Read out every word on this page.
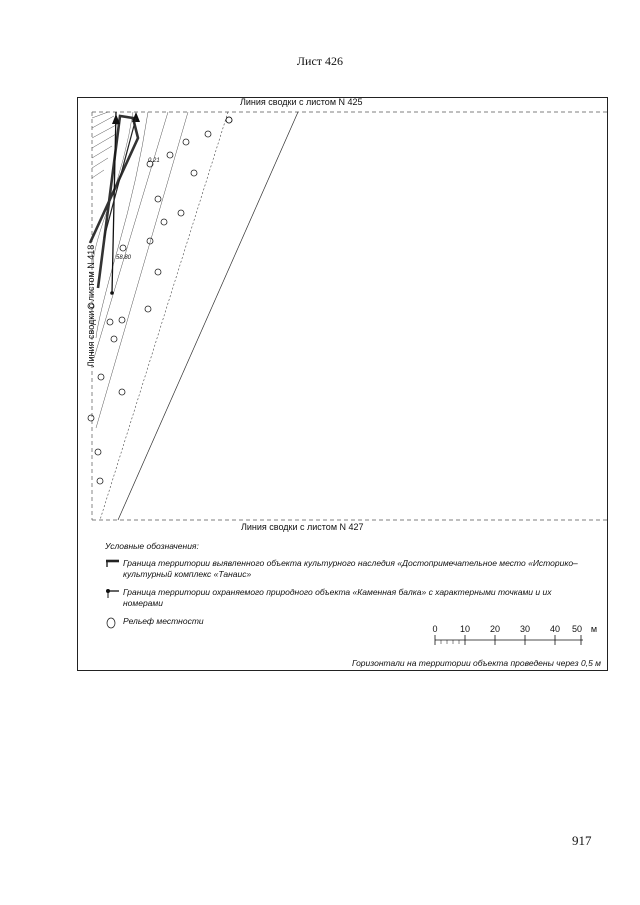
Лист 426
Линия сводки с листом N 425
Линия сводки с листом N 427
Линия сводки с листом N 418
0.21
58.80
Условные обозначения:
Граница территории выявленного объекта культурного наследия «Достопримечательное место «Историко–культурный комплекс «Танаис»
Граница территории охраняемого природного объекта «Каменная балка» с характерными точками и их номерами
Рельеф местности
0 10 20 30 40 50 м
Горизонтали на территории объекта проведены через 0,5 м
917
